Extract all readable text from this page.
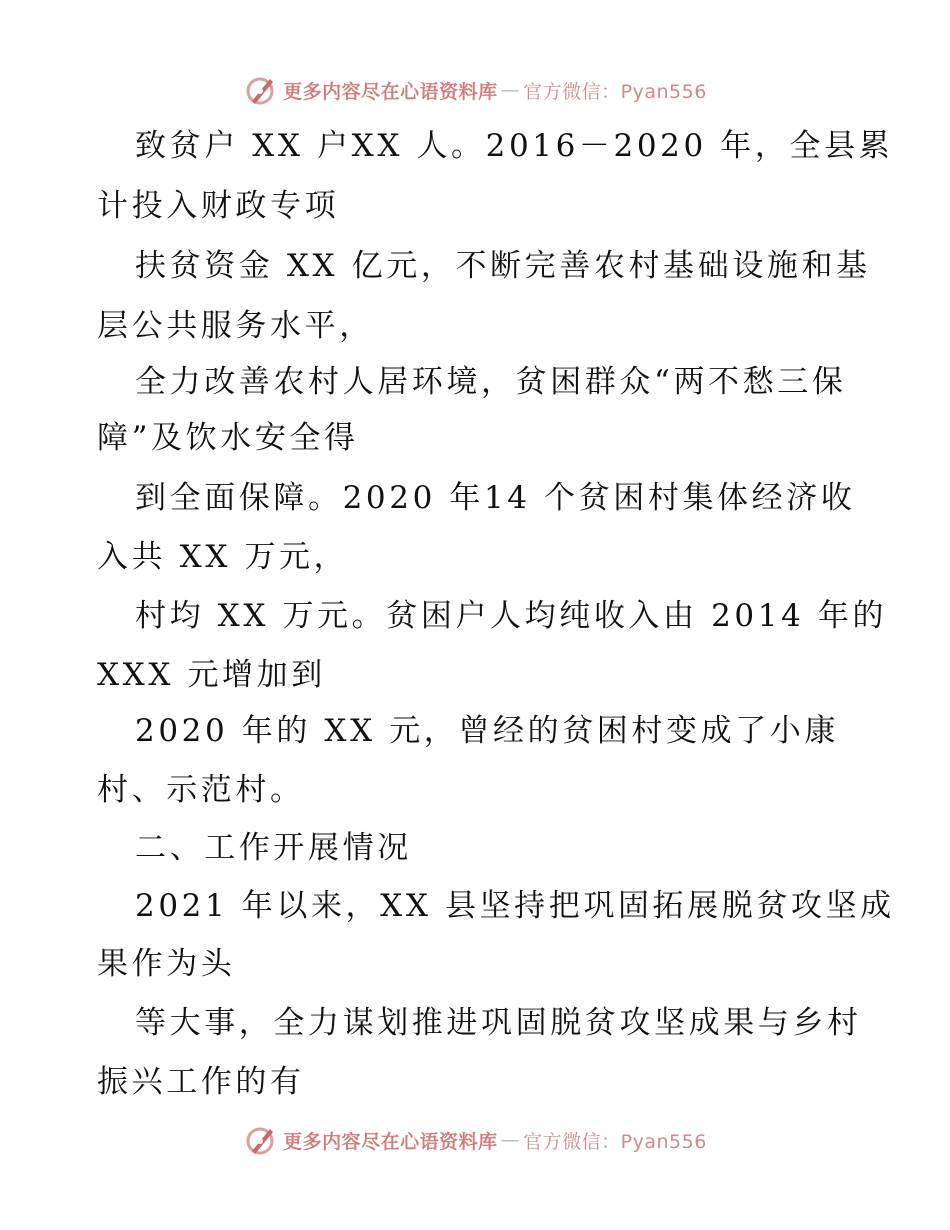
更多内容尽在心语资料库 — 官方微信：Pyan556
致贫户 XX 户XX 人。2016－2020 年，全县累
计投入财政专项
扶贫资金 XX 亿元，不断完善农村基础设施和基
层公共服务水平，
全力改善农村人居环境，贫困群众“两不愁三保
障”及饮水安全得
到全面保障。2020 年14 个贫困村集体经济收
入共 XX 万元，
村均 XX 万元。贫困户人均纯收入由 2014 年的
XXX 元增加到
2020 年的 XX 元，曾经的贫困村变成了小康
村、示范村。
二、工作开展情况
2021 年以来，XX 县坚持把巩固拓展脱贫攻坚成
果作为头
等大事，全力谋划推进巩固脱贫攻坚成果与乡村
振兴工作的有
更多内容尽在心语资料库 — 官方微信：Pyan556
